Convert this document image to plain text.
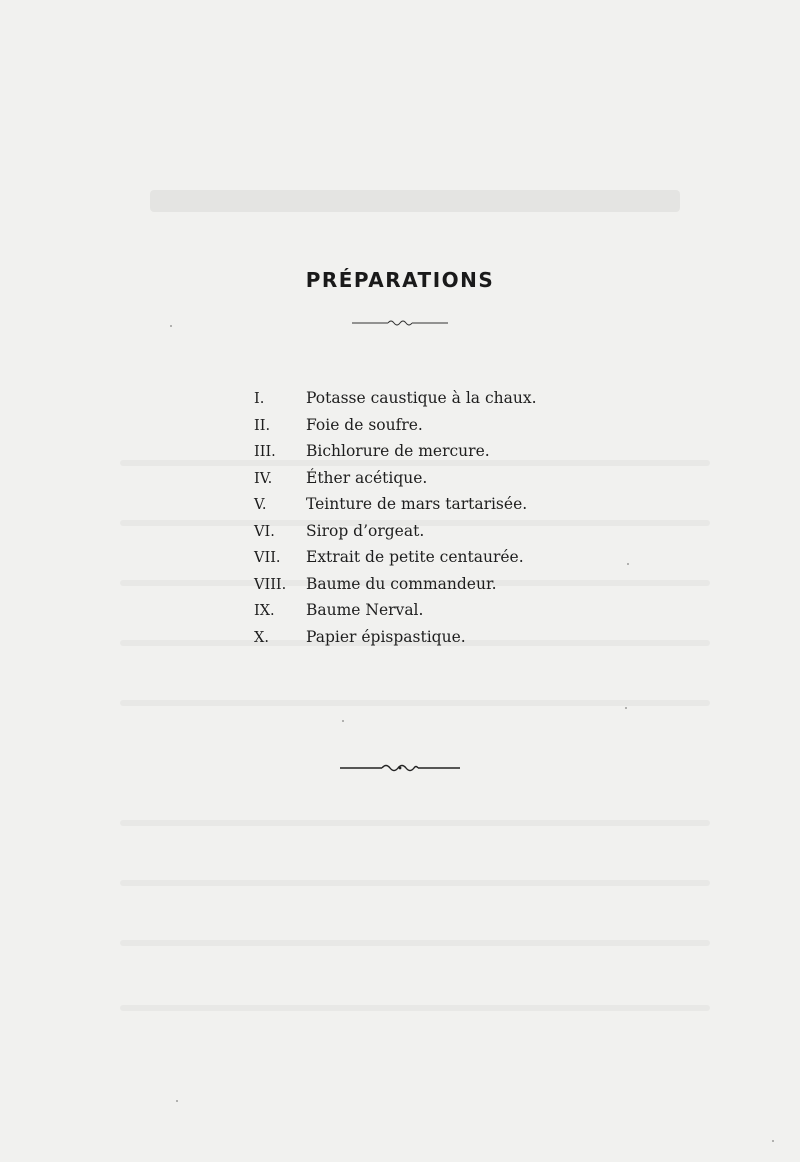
PRÉPARATIONS
I.	Potasse caustique à la chaux.
II.	Foie de soufre.
III.	Bichlorure de mercure.
IV.	Éther acétique.
V.	Teinture de mars tartarisée.
VI.	Sirop d’orgeat.
VII.	Extrait de petite centaurée.
VIII.	Baume du commandeur.
IX.	Baume Nerval.
X.	Papier épispastique.
